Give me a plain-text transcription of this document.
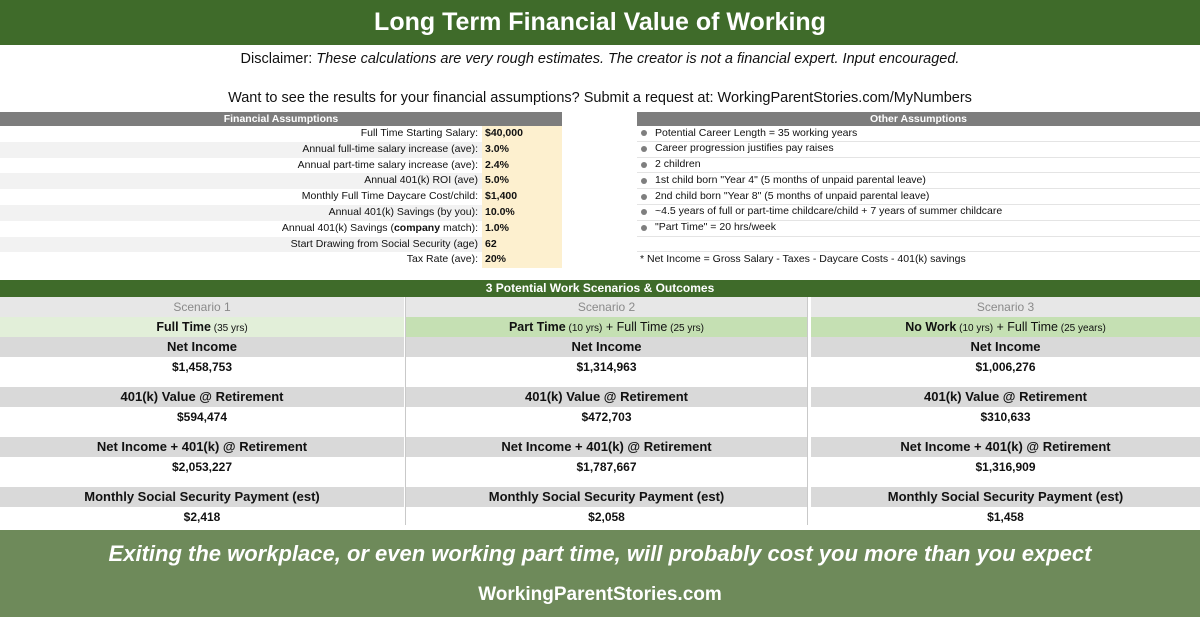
Long Term Financial Value of Working
Disclaimer: These calculations are very rough estimates. The creator is not a financial expert. Input encouraged.
Want to see the results for your financial assumptions? Submit a request at: WorkingParentStories.com/MyNumbers
Financial Assumptions	Other Assumptions
Full Time Starting Salary: $40,000
Annual full-time salary increase (ave): 3.0%
Annual part-time salary increase (ave): 2.4%
Annual 401(k) ROI (ave) 5.0%
Monthly Full Time Daycare Cost/child: $1,400
Annual 401(k) Savings (by you): 10.0%
Annual 401(k) Savings (company match): 1.0%
Start Drawing from Social Security (age) 62
Tax Rate (ave): 20%
Potential Career Length = 35 working years
Career progression justifies pay raises
2 children
1st child born "Year 4" (5 months of unpaid parental leave)
2nd child born "Year 8" (5 months of unpaid parental leave)
~4.5 years of full or part-time childcare/child + 7 years of summer childcare
"Part Time" = 20 hrs/week
* Net Income = Gross Salary - Taxes - Daycare Costs - 401(k) savings
3 Potential Work Scenarios & Outcomes
Scenario 1
Full Time (35 yrs)
Net Income
$1,458,753
401(k) Value @ Retirement
$594,474
Net Income + 401(k) @ Retirement
$2,053,227
Monthly Social Security Payment (est)
$2,418
Scenario 2
Part Time (10 yrs) + Full Time (25 yrs)
Net Income
$1,314,963
401(k) Value @ Retirement
$472,703
Net Income + 401(k) @ Retirement
$1,787,667
Monthly Social Security Payment (est)
$2,058
Scenario 3
No Work (10 yrs) + Full Time (25 years)
Net Income
$1,006,276
401(k) Value @ Retirement
$310,633
Net Income + 401(k) @ Retirement
$1,316,909
Monthly Social Security Payment (est)
$1,458
Exiting the workplace, or even working part time, will probably cost you more than you expect
WorkingParentStories.com
